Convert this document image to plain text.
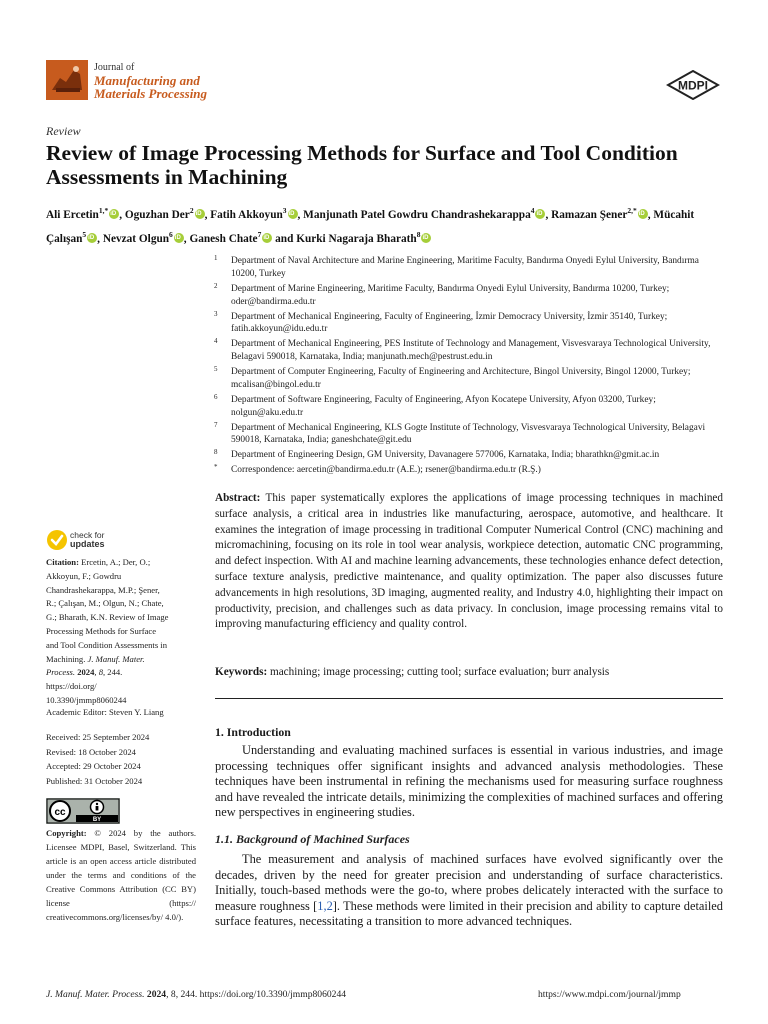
Journal of
Manufacturing and
Materials Processing
MDPI
Review
Review of Image Processing Methods for Surface and Tool Condition Assessments in Machining
Ali Ercetin$^{1,*}$ iD , Oguzhan Der$^2$ iD , Fatih Akkoyun$^3$ iD , Manjunath Patel Gowdru Chandrashekarappa$^4$ iD , Ramazan Şener$^{2,*}$ iD , Mücahit Çalışan$^5$ iD , Nevzat Olgun$^6$ iD , Ganesh Chate$^7$iD and Kurki Nagaraja Bharath$^8$iD
1 Department of Naval Architecture and Marine Engineering, Maritime Faculty, Bandırma Onyedi Eylul University, Bandırma 10200, Turkey
2 Department of Marine Engineering, Maritime Faculty, Bandırma Onyedi Eylul University, Bandırma 10200, Turkey; oder@bandirma.edu.tr
3 Department of Mechanical Engineering, Faculty of Engineering, İzmir Democracy University, İzmir 35140, Turkey; fatih.akkoyun@idu.edu.tr
4 Department of Mechanical Engineering, PES Institute of Technology and Management, Visvesvaraya Technological University, Belagavi 590018, Karnataka, India; manjunath.mech@pestrust.edu.in
5 Department of Computer Engineering, Faculty of Engineering and Architecture, Bingol University, Bingol 12000, Turkey; mcalisan@bingol.edu.tr
6 Department of Software Engineering, Faculty of Engineering, Afyon Kocatepe University, Afyon 03200, Turkey; nolgun@aku.edu.tr
7 Department of Mechanical Engineering, KLS Gogte Institute of Technology, Visvesvaraya Technological University, Belagavi 590018, Karnataka, India; ganeshchate@git.edu
8 Department of Engineering Design, GM University, Davanagere 577006, Karnataka, India; bharathkn@gmit.ac.in
* Correspondence: aercetin@bandirma.edu.tr (A.E.); rsener@bandirma.edu.tr (R.Ş.)
check for
updates
Citation: Ercetin, A.; Der, O.; Akkoyun, F.; Gowdru Chandrashekarappa, M.P.; Şener, R.; Çalışan, M.; Olgun, N.; Chate, G.; Bharath, K.N. Review of Image Processing Methods for Surface and Tool Condition Assessments in Machining. J. Manuf. Mater. Process. 2024, 8, 244. https://doi.org/ 10.3390/jmmp8060244
Academic Editor: Steven Y. Liang
Received: 25 September 2024
Revised: 18 October 2024
Accepted: 29 October 2024
Published: 31 October 2024
cc
BY
Copyright: © 2024 by the authors. Licensee MDPI, Basel, Switzerland. This article is an open access article distributed under the terms and conditions of the Creative Commons Attribution (CC BY) license (https:// creativecommons.org/licenses/by/ 4.0/).
Abstract: This paper systematically explores the applications of image processing techniques in machined surface analysis, a critical area in industries like manufacturing, aerospace, automotive, and healthcare. It examines the integration of image processing in traditional Computer Numerical Control (CNC) machining and micromachining, focusing on its role in tool wear analysis, workpiece detection, automatic CNC programming, and defect inspection. With AI and machine learning advancements, these technologies enhance defect detection, surface texture analysis, predictive maintenance, and quality optimization. The paper also discusses future advancements in high resolutions, 3D imaging, augmented reality, and Industry 4.0, highlighting their impact on productivity, precision, and challenges such as data privacy. In conclusion, image processing remains vital to improving manufacturing efficiency and quality control.
Keywords: machining; image processing; cutting tool; surface evaluation; burr analysis
1. Introduction

Understanding and evaluating machined surfaces is essential in various industries, and image processing techniques offer significant insights and advanced analysis methodologies. These techniques have been instrumental in refining the mechanisms used for measuring surface roughness and have revealed the intricate details, minimizing the complexities of machined surfaces and offering new perspectives in engineering studies.

1.1. Background of Machined Surfaces

The measurement and analysis of machined surfaces have evolved significantly over the decades, driven by the need for greater precision and understanding of surface characteristics. Initially, touch-based methods were the go-to, where probes delicately interacted with the surface to measure roughness [1,2]. These methods were limited in their precision and ability to capture detailed surface features, necessitating a transition to more advanced techniques.

J. Manuf. Mater. Process. 2024, 8, 244. https://doi.org/10.3390/jmmp8060244	https://www.mdpi.com/journal/jmmp
